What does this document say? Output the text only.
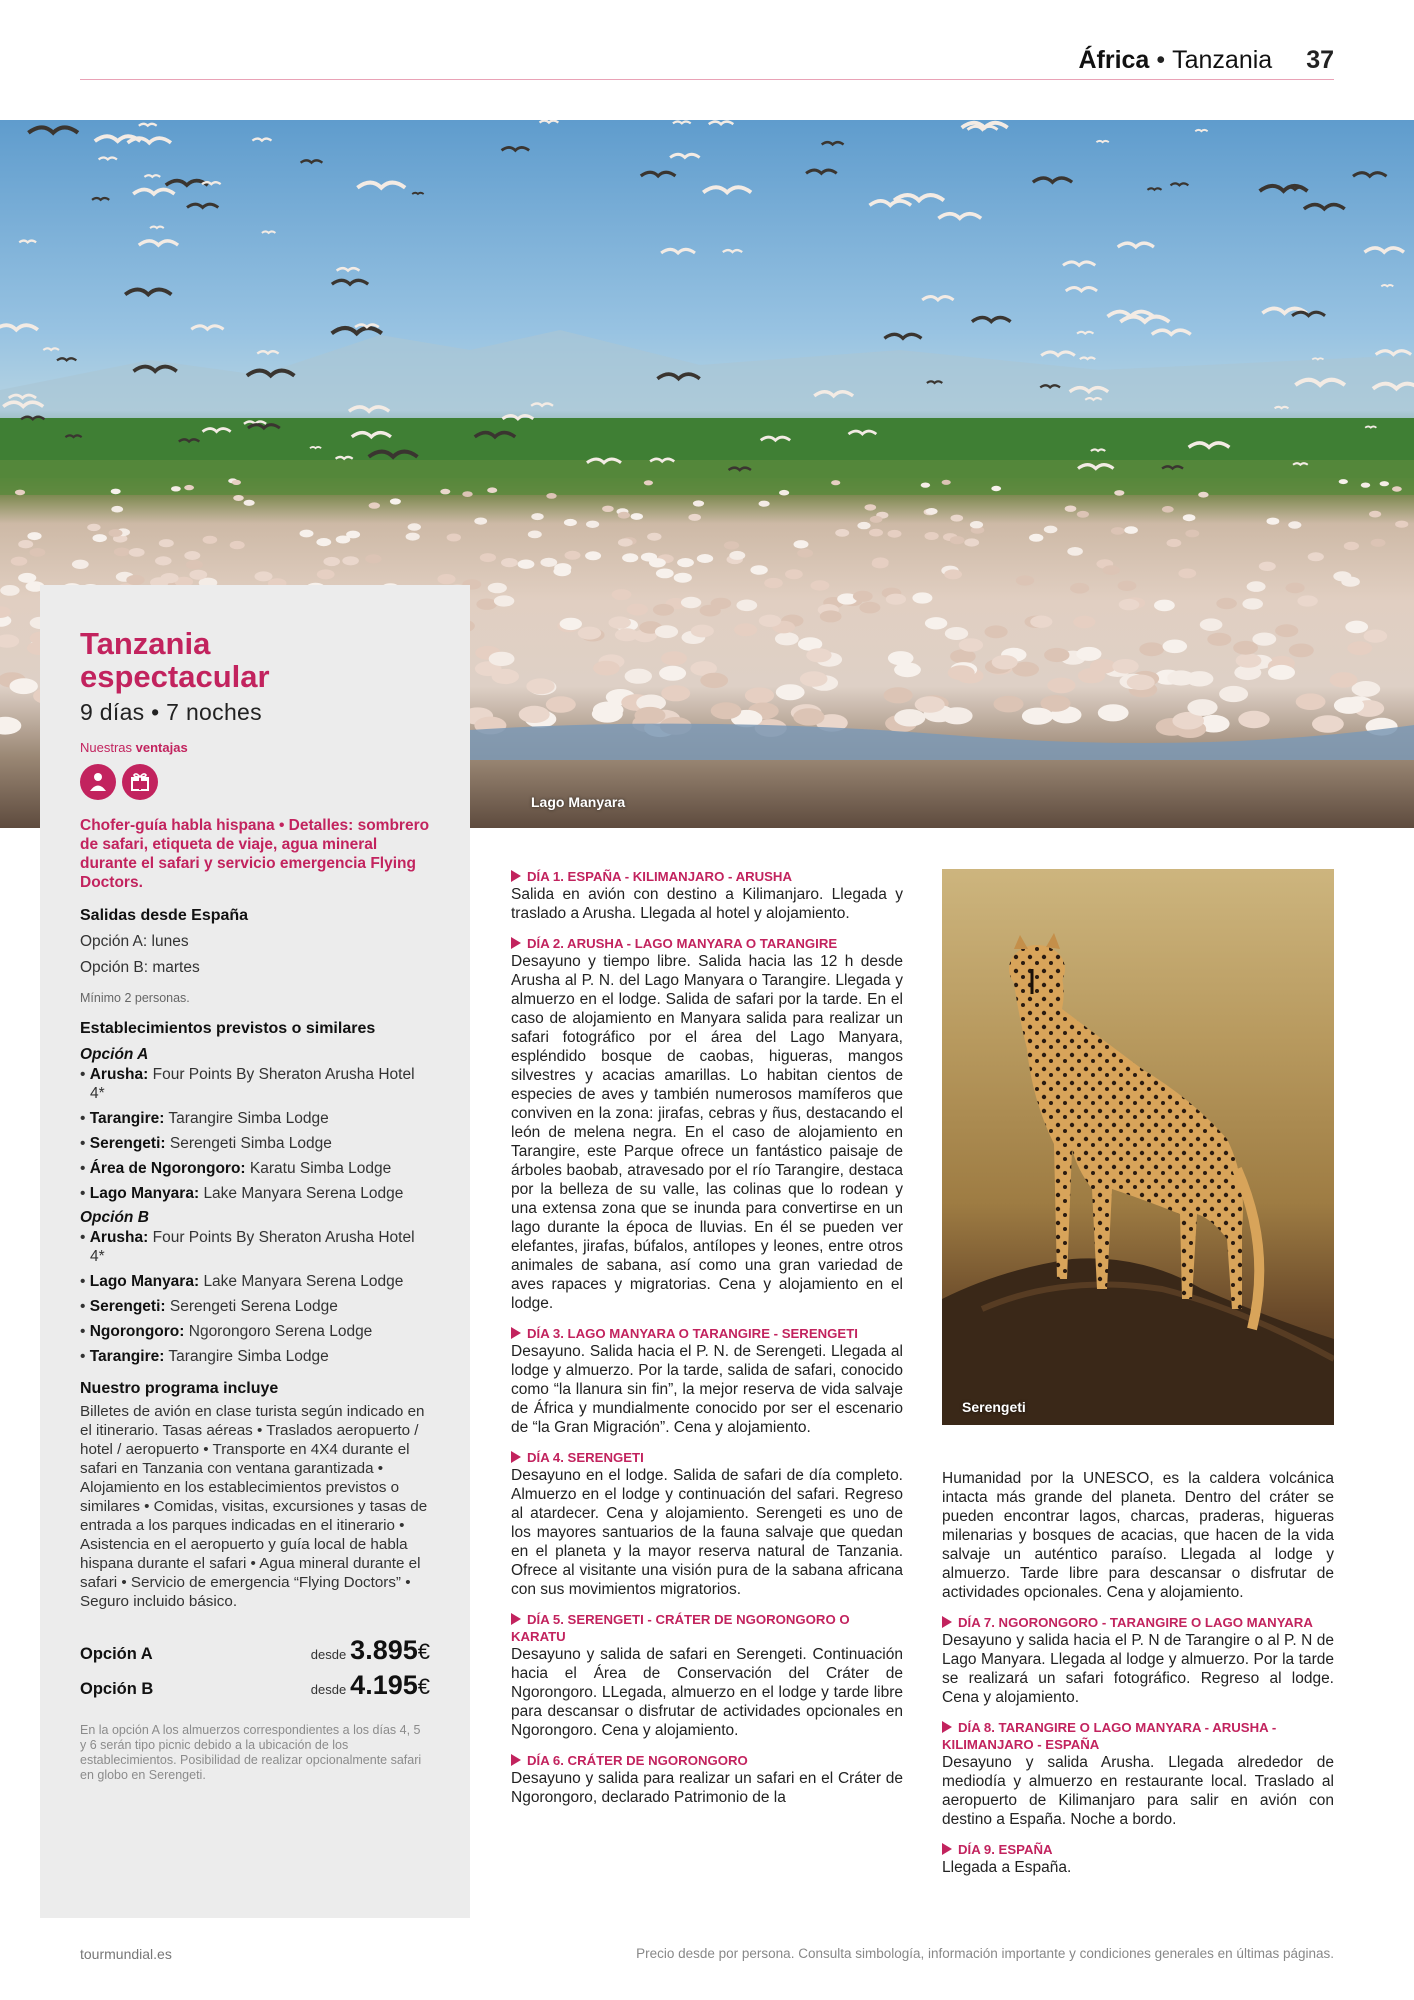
África • Tanzania 37
Lago Manyara
Tanzania
espectacular
9 días • 7 noches
Nuestras ventajas
Chofer-guía habla hispana • Detalles: sombrero de safari, etiqueta de viaje, agua mineral durante el safari y servicio emergencia Flying Doctors.
Salidas desde España
Opción A: lunes
Opción B: martes
Mínimo 2 personas.
Establecimientos previstos o similares
Opción A
• Arusha: Four Points By Sheraton Arusha Hotel 4*
• Tarangire: Tarangire Simba Lodge
• Serengeti: Serengeti Simba Lodge
• Área de Ngorongoro: Karatu Simba Lodge
• Lago Manyara: Lake Manyara Serena Lodge
Opción B
• Arusha: Four Points By Sheraton Arusha Hotel 4*
• Lago Manyara: Lake Manyara Serena Lodge
• Serengeti: Serengeti Serena Lodge
• Ngorongoro: Ngorongoro Serena Lodge
• Tarangire: Tarangire Simba Lodge
Nuestro programa incluye
Billetes de avión en clase turista según indicado en el itinerario. Tasas aéreas • Traslados aeropuerto / hotel / aeropuerto • Transporte en 4X4 durante el safari en Tanzania con ventana garantizada • Alojamiento en los establecimientos previstos o similares • Comidas, visitas, excursiones y tasas de entrada a los parques indicadas en el itinerario • Asistencia en el aeropuerto y guía local de habla hispana durante el safari • Agua mineral durante el safari • Servicio de emergencia “Flying Doctors” • Seguro incluido básico.
Opción A	desde 3.895 €
Opción B	desde 4.195 €
En la opción A los almuerzos correspondientes a los días 4, 5 y 6 serán tipo picnic debido a la ubicación de los establecimientos. Posibilidad de realizar opcionalmente safari en globo en Serengeti.
DÍA 1. ESPAÑA - KILIMANJARO - ARUSHA
Salida en avión con destino a Kilimanjaro. Llegada y traslado a Arusha. Llegada al hotel y alojamiento.
DÍA 2. ARUSHA - LAGO MANYARA O TARANGIRE
Desayuno y tiempo libre. Salida hacia las 12 h desde Arusha al P. N. del Lago Manyara o Tarangire. Llegada y almuerzo en el lodge. Salida de safari por la tarde. En el caso de alojamiento en Manyara salida para realizar un safari fotográfico por el área del Lago Manyara, espléndido bosque de caobas, higueras, mangos silvestres y acacias amarillas. Lo habitan cientos de especies de aves y también numerosos mamíferos que conviven en la zona: jirafas, cebras y ñus, destacando el león de melena negra. En el caso de alojamiento en Tarangire, este Parque ofrece un fantástico paisaje de árboles baobab, atravesado por el río Tarangire, destaca por la belleza de su valle, las colinas que lo rodean y una extensa zona que se inunda para convertirse en un lago durante la época de lluvias. En él se pueden ver elefantes, jirafas, búfalos, antílopes y leones, entre otros animales de sabana, así como una gran variedad de aves rapaces y migratorias. Cena y alojamiento en el lodge.
DÍA 3. LAGO MANYARA O TARANGIRE - SERENGETI
Desayuno. Salida hacia el P. N. de Serengeti. Llegada al lodge y almuerzo. Por la tarde, salida de safari, conocido como “la llanura sin fin”, la mejor reserva de vida salvaje de África y mundialmente conocido por ser el escenario de “la Gran Migración”. Cena y alojamiento.
DÍA 4. SERENGETI
Desayuno en el lodge. Salida de safari de día completo. Almuerzo en el lodge y continuación del safari. Regreso al atardecer. Cena y alojamiento. Serengeti es uno de los mayores santuarios de la fauna salvaje que quedan en el planeta y la mayor reserva natural de Tanzania. Ofrece al visitante una visión pura de la sabana africana con sus movimientos migratorios.
DÍA 5. SERENGETI - CRÁTER DE NGORONGORO O KARATU
Desayuno y salida de safari en Serengeti. Continuación hacia el Área de Conservación del Cráter de Ngorongoro. LLegada, almuerzo en el lodge y tarde libre para descansar o disfrutar de actividades opcionales en Ngorongoro. Cena y alojamiento.
DÍA 6. CRÁTER DE NGORONGORO
Desayuno y salida para realizar un safari en el Cráter de Ngorongoro, declarado Patrimonio de la
Serengeti
Humanidad por la UNESCO, es la caldera volcánica intacta más grande del planeta. Dentro del cráter se pueden encontrar lagos, charcas, praderas, higueras milenarias y bosques de acacias, que hacen de la vida salvaje un auténtico paraíso. Llegada al lodge y almuerzo. Tarde libre para descansar o disfrutar de actividades opcionales. Cena y alojamiento.
DÍA 7. NGORONGORO - TARANGIRE O LAGO MANYARA
Desayuno y salida hacia el P. N de Tarangire o al P. N de Lago Manyara. Llegada al lodge y almuerzo. Por la tarde se realizará un safari fotográfico. Regreso al lodge. Cena y alojamiento.
DÍA 8. TARANGIRE O LAGO MANYARA - ARUSHA - KILIMANJARO - ESPAÑA
Desayuno y salida Arusha. Llegada alrededor de mediodía y almuerzo en restaurante local. Traslado al aeropuerto de Kilimanjaro para salir en avión con destino a España. Noche a bordo.
DÍA 9. ESPAÑA
Llegada a España.
tourmundial.es	Precio desde por persona. Consulta simbología, información importante y condiciones generales en últimas páginas.
